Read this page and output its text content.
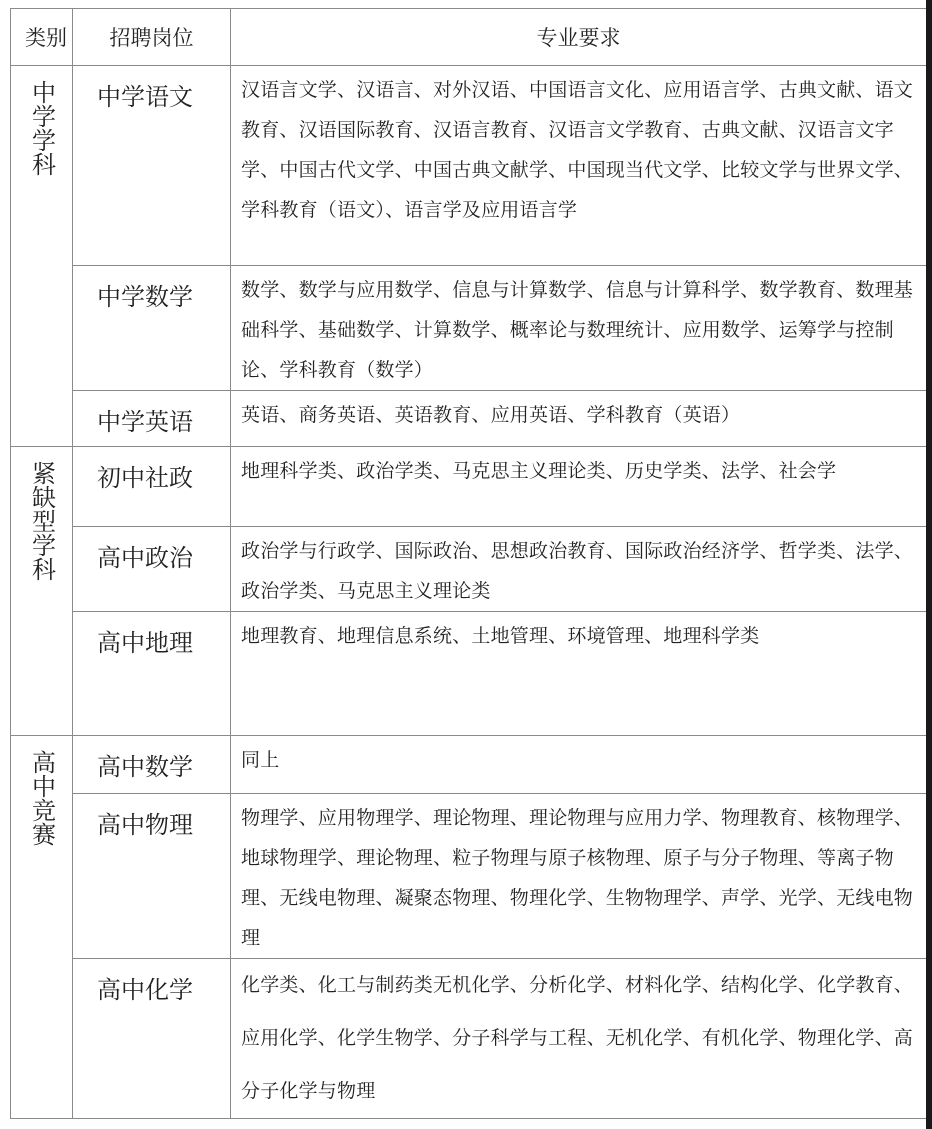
类别	招聘岗位	专业要求
中学学科	中学语文	汉语言文学、汉语言、对外汉语、中国语言文化、应用语言学、古典文献、语文教育、汉语国际教育、汉语言教育、汉语言文学教育、古典文献、汉语言文字学、中国古代文学、中国古典文献学、中国现当代文学、比较文学与世界文学、学科教育（语文）、语言学及应用语言学
	中学数学	数学、数学与应用数学、信息与计算数学、信息与计算科学、数学教育、数理基础科学、基础数学、计算数学、概率论与数理统计、应用数学、运筹学与控制论、学科教育（数学）
	中学英语	英语、商务英语、英语教育、应用英语、学科教育（英语）
紧缺型学科	初中社政	地理科学类、政治学类、马克思主义理论类、历史学类、法学、社会学
	高中政治	政治学与行政学、国际政治、思想政治教育、国际政治经济学、哲学类、法学、政治学类、马克思主义理论类
	高中地理	地理教育、地理信息系统、土地管理、环境管理、地理科学类
高中竞赛	高中数学	同上
	高中物理	物理学、应用物理学、理论物理、理论物理与应用力学、物理教育、核物理学、地球物理学、理论物理、粒子物理与原子核物理、原子与分子物理、等离子物理、无线电物理、凝聚态物理、物理化学、生物物理学、声学、光学、无线电物理
	高中化学	化学类、化工与制药类无机化学、分析化学、材料化学、结构化学、化学教育、应用化学、化学生物学、分子科学与工程、无机化学、有机化学、物理化学、高分子化学与物理
